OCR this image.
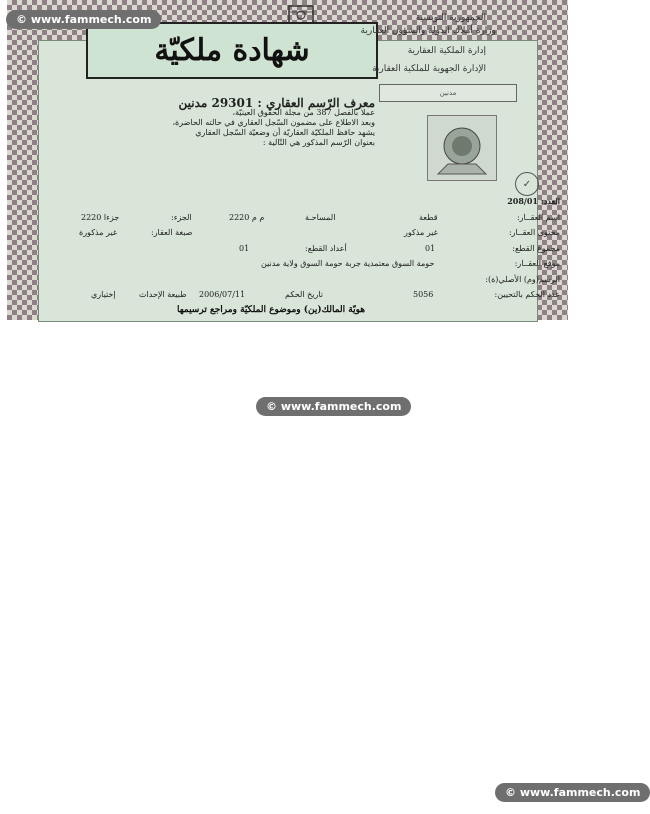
شهادة ملكيّة
الجمهورية التونسية
وزارة أملاك الدولة والشؤون العقارية
إدارة الملكية العقارية
الإدارة الجهوية للملكية العقارية
مدنين
✓
معرف الرّسم العقاري : 29301 مدنين
عملا بالفصل 387 من مجلة الحقوق العينيّة،
وبعد الاطلاع على مضمون السّجل العقاري في حالته الحاضرة،
يشهد حافظ الملكيّة العقاريّة أن وضعيّة السّجل العقاري
بعنوان الرّسم المذكور هي التّالية :
العدد: 208/01
اسم العقــار:
قطعة
المساحـة
2220 م م
الجزء:
2220 جزءا
محتوى العقــار:
غير مذكور
صبغة العقار:
غير مذكورة
مجموع القطع:
01
أعداد القطع:
01
موقع العقــار:
حومة السوق معتمدية جربة حومة السوق ولاية مدنين
الرسم(وم) الأصلي(ة):
عدد الحكم بالتحيين:
5056
تاريخ الحكم
2006/07/11
طبيعة الإحداث
إختياري
هويّة المالك(ين) وموضوع الملكيّة ومراجع ترسيمها
© www.fammech.com
© www.fammech.com
© www.fammech.com
